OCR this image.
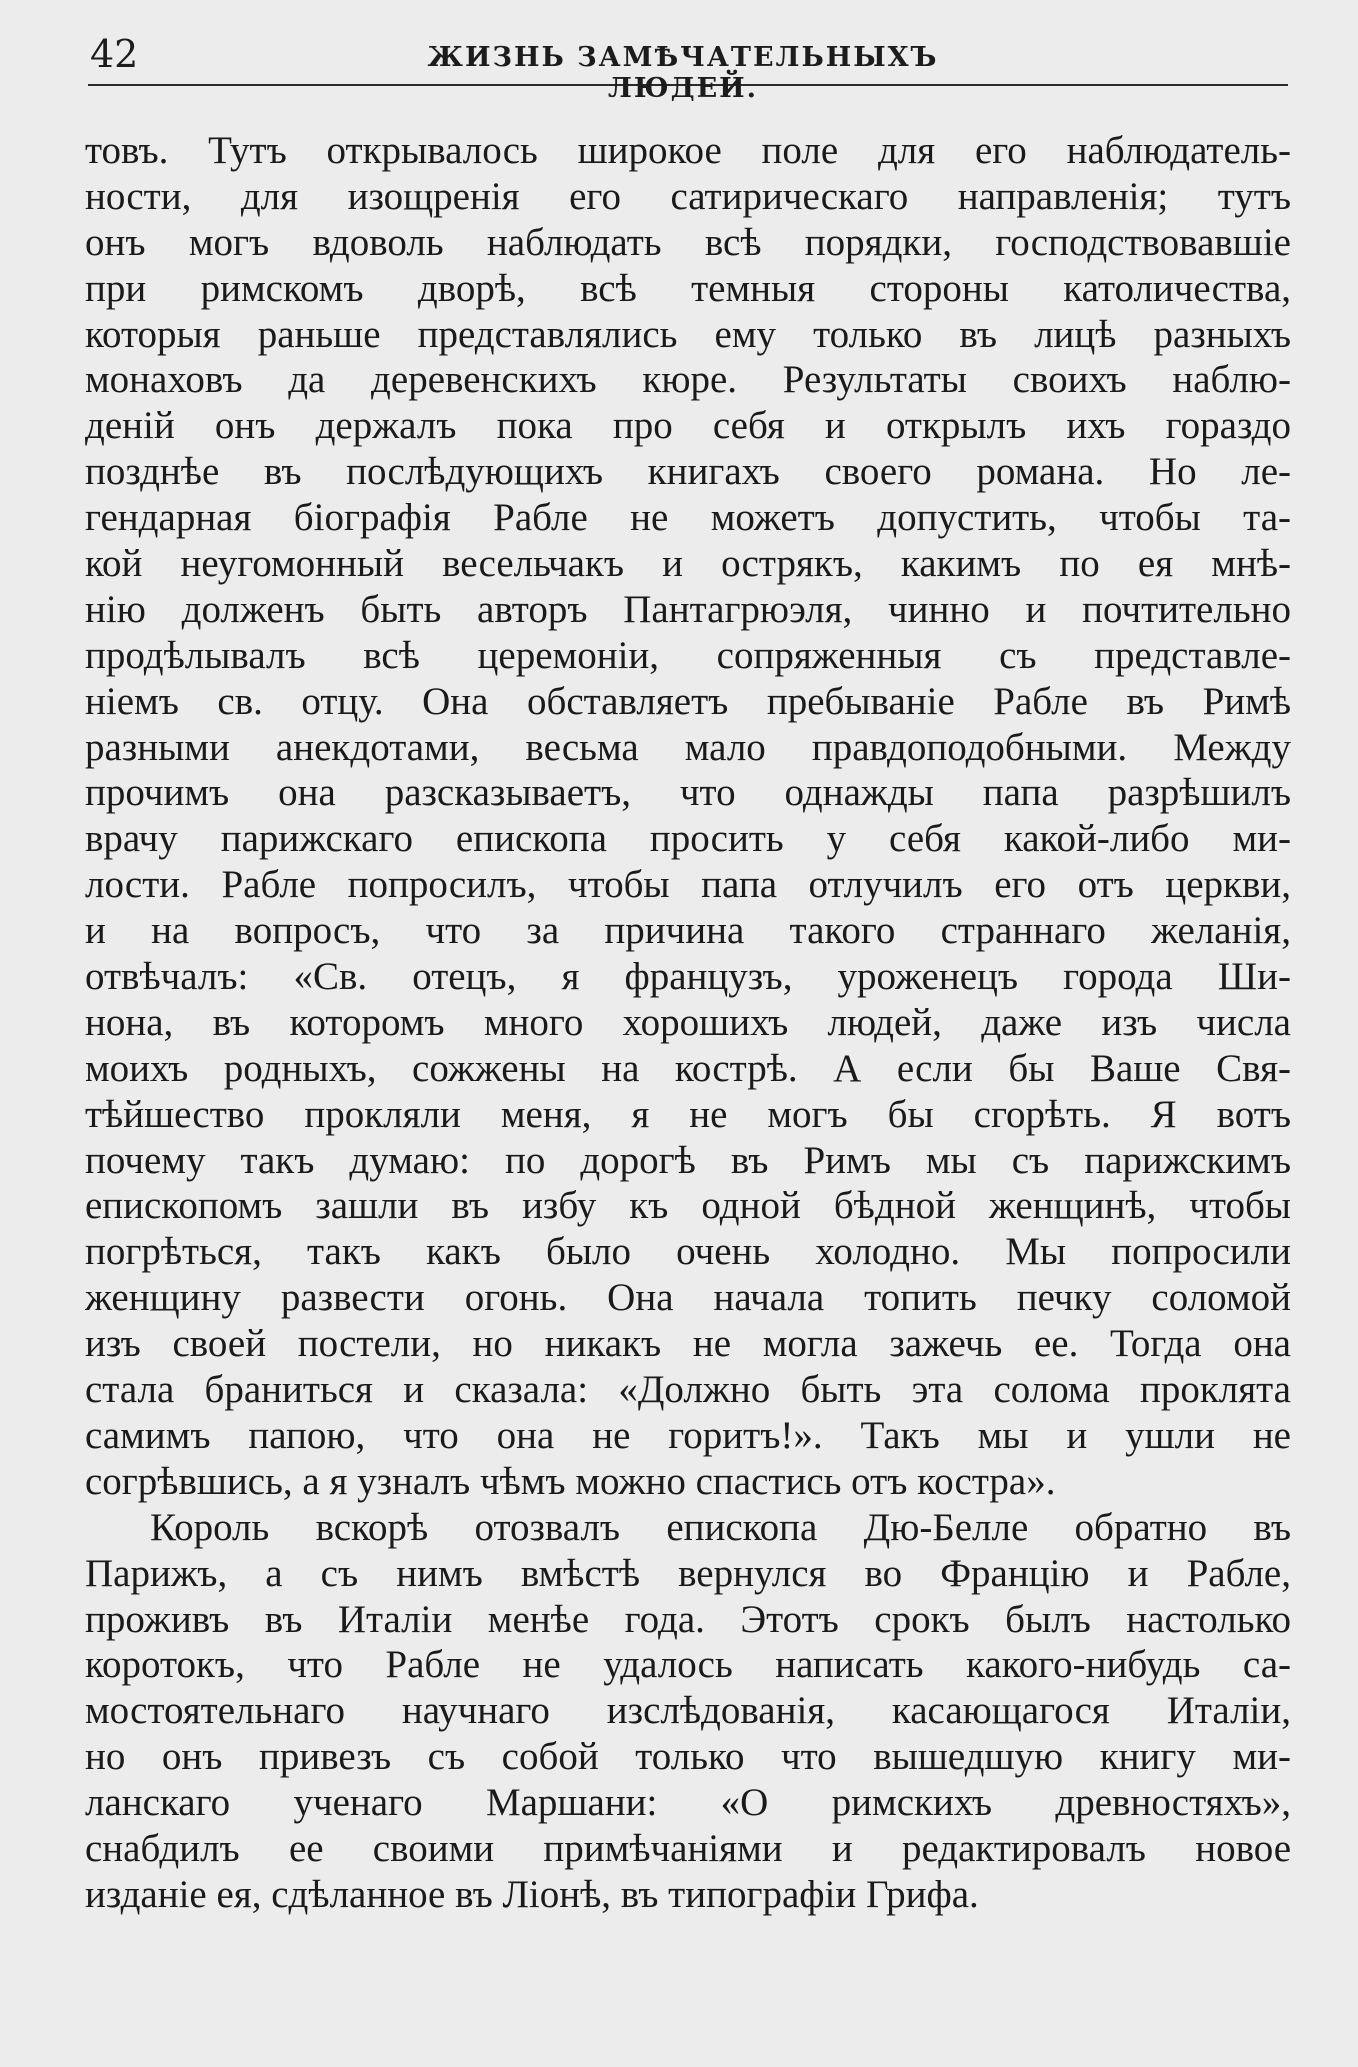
42	ЖИЗНЬ ЗАМѢЧАТЕЛЬНЫХЪ ЛЮДЕЙ.
товъ. Тутъ открывалось широкое поле для его наблюдатель-
ности, для изощренія его сатирическаго направленія; тутъ
онъ могъ вдоволь наблюдать всѣ порядки, господствовавшіе
при римскомъ дворѣ, всѣ темныя стороны католичества,
которыя раньше представлялись ему только въ лицѣ разныхъ
монаховъ да деревенскихъ кюре. Результаты своихъ наблю-
деній онъ держалъ пока про себя и открылъ ихъ гораздо
позднѣе въ послѣдующихъ книгахъ своего романа. Но ле-
гендарная біографія Рабле не можетъ допустить, чтобы та-
кой неугомонный весельчакъ и острякъ, какимъ по ея мнѣ-
нію долженъ быть авторъ Пантагрюэля, чинно и почтительно
продѣлывалъ всѣ церемоніи, сопряженныя съ представле-
ніемъ св. отцу. Она обставляетъ пребываніе Рабле въ Римѣ
разными анекдотами, весьма мало правдоподобными. Между
прочимъ она разсказываетъ, что однажды папа разрѣшилъ
врачу парижскаго епископа просить у себя какой-либо ми-
лости. Рабле попросилъ, чтобы папа отлучилъ его отъ церкви,
и на вопросъ, что за причина такого страннаго желанія,
отвѣчалъ: «Св. отецъ, я французъ, уроженецъ города Ши-
нона, въ которомъ много хорошихъ людей, даже изъ числа
моихъ родныхъ, сожжены на кострѣ. А если бы Ваше Свя-
тѣйшество прокляли меня, я не могъ бы сгорѣть. Я вотъ
почему такъ думаю: по дорогѣ въ Римъ мы съ парижскимъ
епископомъ зашли въ избу къ одной бѣдной женщинѣ, чтобы
погрѣться, такъ какъ было очень холодно. Мы попросили
женщину развести огонь. Она начала топить печку соломой
изъ своей постели, но никакъ не могла зажечь ее. Тогда она
стала браниться и сказала: «Должно быть эта солома проклята
самимъ папою, что она не горитъ!». Такъ мы и ушли не
согрѣвшись, а я узналъ чѣмъ можно спастись отъ костра».
Король вскорѣ отозвалъ епископа Дю-Белле обратно въ
Парижъ, а съ нимъ вмѣстѣ вернулся во Францію и Рабле,
проживъ въ Италіи менѣе года. Этотъ срокъ былъ настолько
коротокъ, что Рабле не удалось написать какого-нибудь са-
мостоятельнаго научнаго изслѣдованія, касающагося Италіи,
но онъ привезъ съ собой только что вышедшую книгу ми-
ланскаго ученаго Маршани: «О римскихъ древностяхъ»,
снабдилъ ее своими примѣчаніями и редактировалъ новое
изданіе ея, сдѣланное въ Ліонѣ, въ типографіи Грифа.
